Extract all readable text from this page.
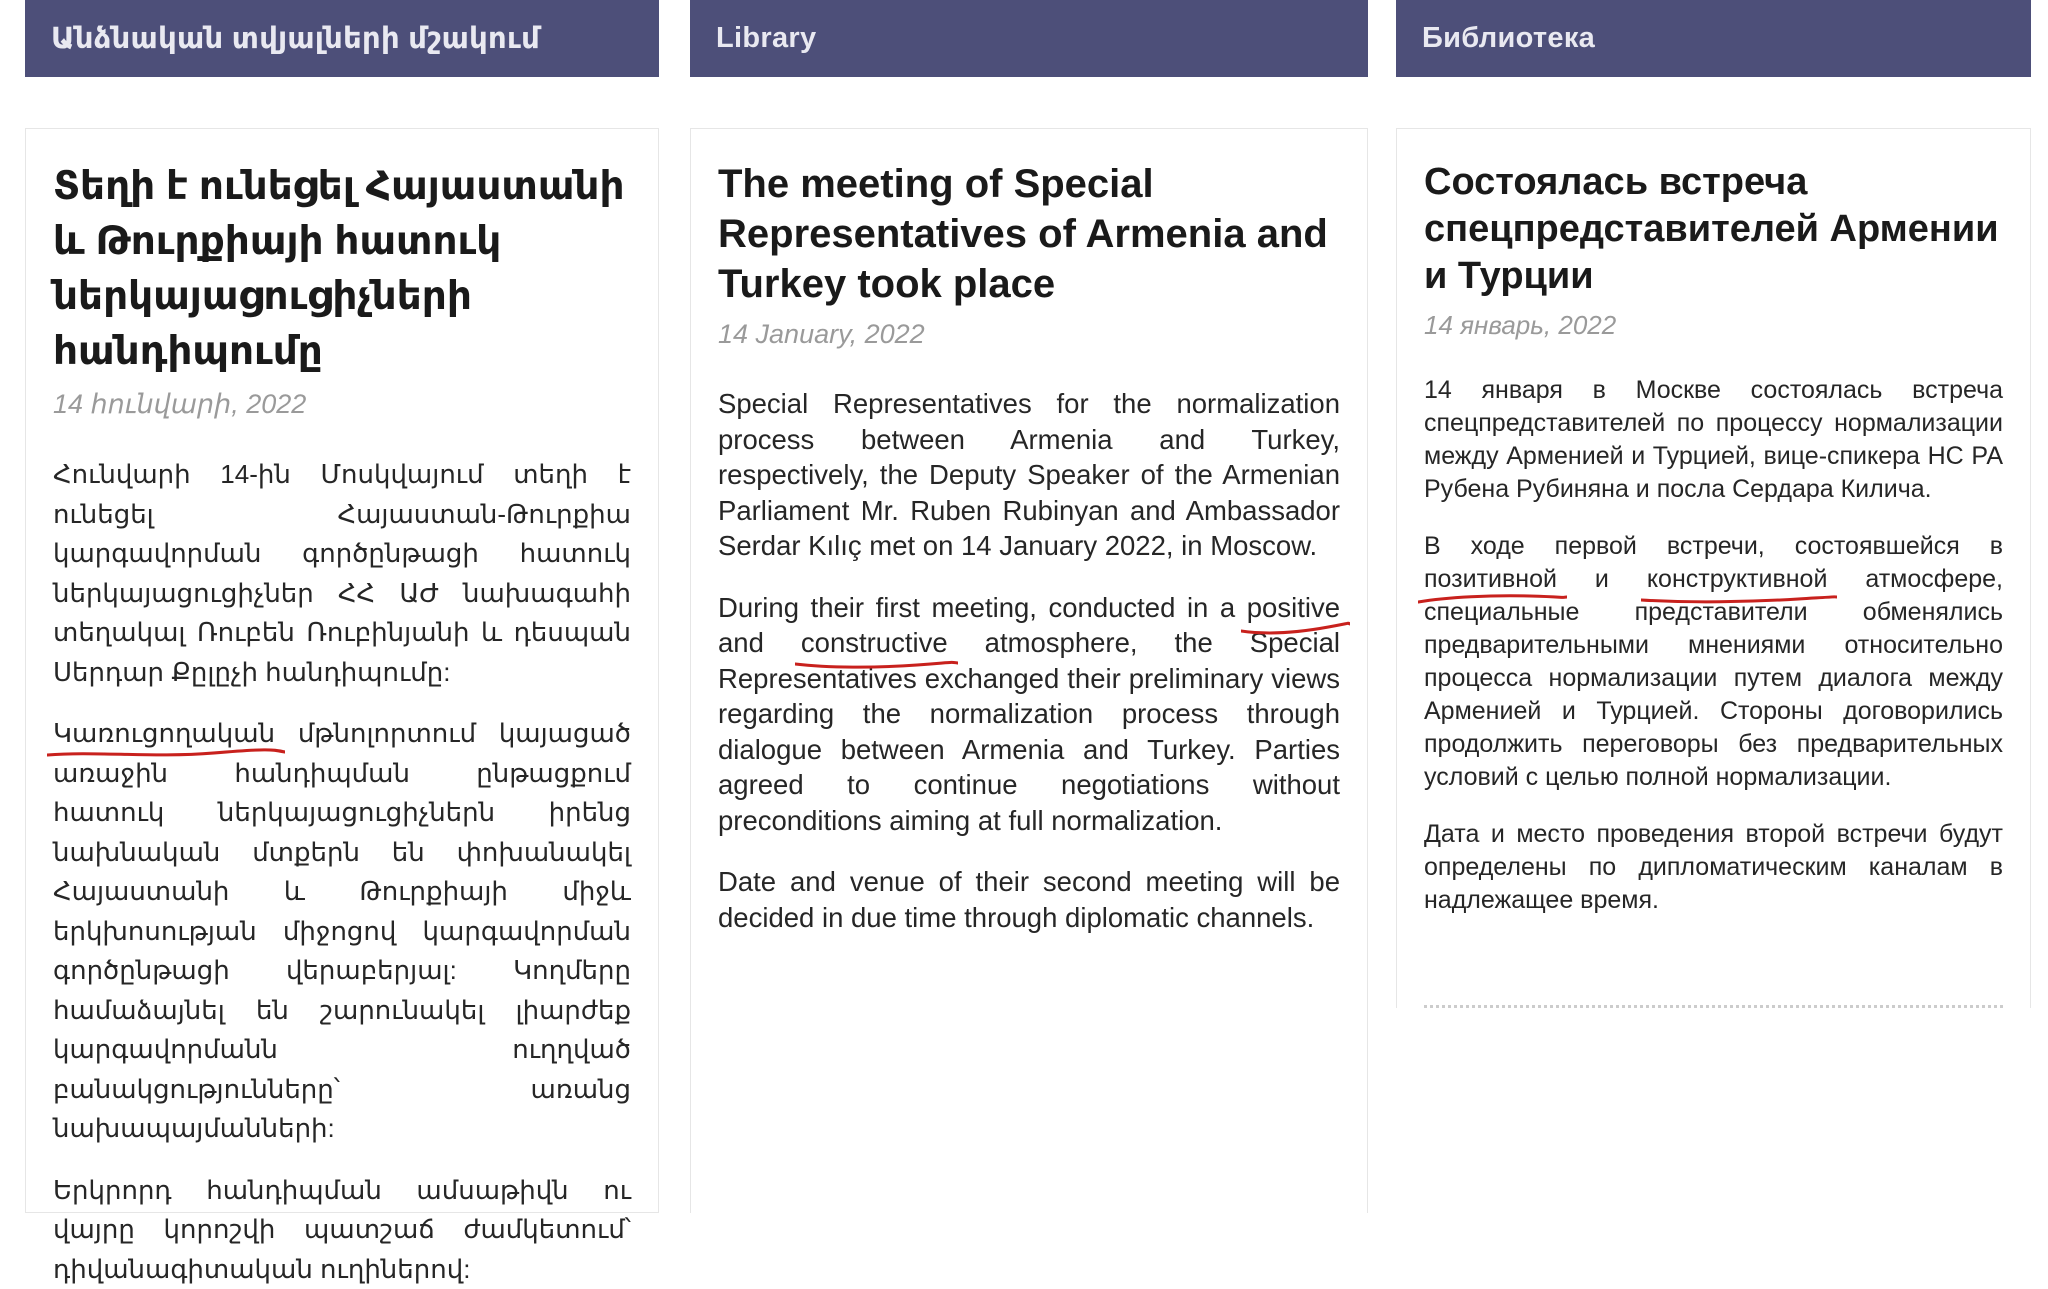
Անձնական տվյալների մշակում
Տեղի է ունեցել Հայաստանի և Թուրքիայի հատուկ ներկայացուցիչների հանդիպումը
14 հունվարի, 2022

Հունվարի 14-ին Մոսկվայում տեղի է ունեցել Հայաստան-Թուրքիա կարգավորման գործընթացի հատուկ ներկայացուցիչներ ՀՀ ԱԺ նախագահի տեղակալ Ռուբեն Ռուբինյանի և դեսպան Սերդար Քըլըչի հանդիպումը:

Կառուցողական
մթնոլորտում կայացած առաջին հանդիպման ընթացքում հատուկ ներկայացուցիչներն իրենց նախնական մտքերն են փոխանակել Հայաստանի և Թուրքիայի միջև երկխոսության միջոցով կարգավորման գործընթացի վերաբերյալ: Կողմերը համաձայնել են շարունակել լիարժեք կարգավորմանն ուղղված բանակցությունները՝ առանց նախապայմանների:

Երկրորդ հանդիպման ամսաթիվն ու վայրը կորոշվի պատշաճ ժամկետում՝ դիվանագիտական ուղիներով:

Library
The meeting of Special Representatives of Armenia and Turkey took place
14 January, 2022

Special Representatives for the normalization process between Armenia and Turkey, respectively, the Deputy Speaker of the Armenian Parliament Mr. Ruben Rubinyan and Ambassador Serdar Kılıç met on 14 January 2022, in Moscow.

During their first meeting, conducted in a positive
and constructive
atmosphere, the Special Representatives exchanged their preliminary views regarding the normalization process through dialogue between Armenia and Turkey. Parties agreed to continue negotiations without preconditions aiming at full normalization.

Date and venue of their second meeting will be decided in due time through diplomatic channels.

Библиотека
Состоялась встреча спецпредставителей Армении и Турции
14 январь, 2022

14 января в Москве состоялась встреча спецпредставителей по процессу нормализации между Арменией и Турцией, вице-спикера НС РА Рубена Рубиняна и посла Сердара Килича.

В ходе первой встречи, состоявшейся в позитивной
и конструктивной
атмосфере, специальные представители обменялись предварительными мнениями относительно процесса нормализации путем диалога между Арменией и Турцией. Стороны договорились продолжить переговоры без предварительных условий с целью полной нормализации.

Дата и место проведения второй встречи будут определены по дипломатическим каналам в надлежащее время.
